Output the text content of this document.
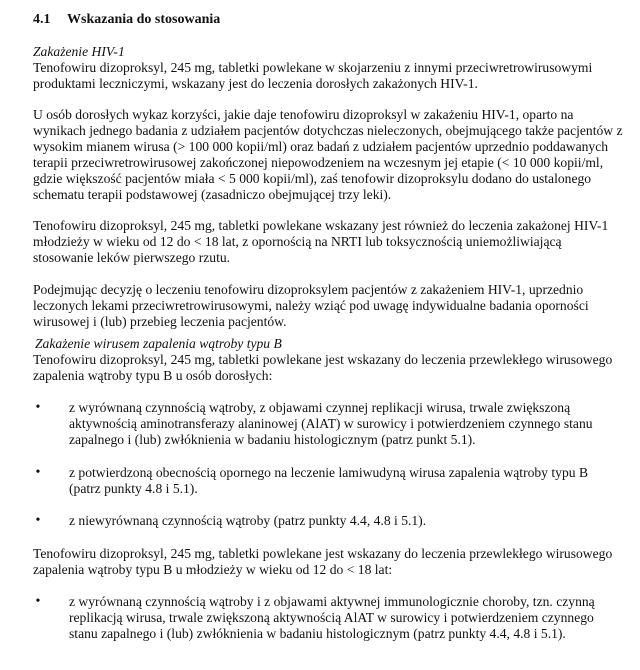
4.1 Wskazania do stosowania
Zakażenie HIV-1
Tenofowiru dizoproksyl, 245 mg, tabletki powlekane w skojarzeniu z innymi przeciwretrowirusowymi produktami leczniczymi, wskazany jest do leczenia dorosłych zakażonych HIV-1.
U osób dorosłych wykaz korzyści, jakie daje tenofowiru dizoproksyl w zakażeniu HIV-1, oparto na wynikach jednego badania z udziałem pacjentów dotychczas nieleczonych, obejmującego także pacjentów z wysokim mianem wirusa (> 100 000 kopii/ml) oraz badań z udziałem pacjentów uprzednio poddawanych terapii przeciwretrowirusowej zakończonej niepowodzeniem na wczesnym jej etapie (< 10 000 kopii/ml, gdzie większość pacjentów miała < 5 000 kopii/ml), zaś tenofowir dizoproksylu dodano do ustalonego schematu terapii podstawowej (zasadniczo obejmującej trzy leki).
Tenofowiru dizoproksyl, 245 mg, tabletki powlekane wskazany jest również do leczenia zakażonej HIV-1 młodzieży w wieku od 12 do < 18 lat, z opornością na NRTI lub toksycznością uniemożliwiającą stosowanie leków pierwszego rzutu.
Podejmując decyzję o leczeniu tenofowiru dizoproksylem pacjentów z zakażeniem HIV-1, uprzednio leczonych lekami przeciwretrowirusowymi, należy wziąć pod uwagę indywidualne badania oporności wirusowej i (lub) przebieg leczenia pacjentów.
Zakażenie wirusem zapalenia wątroby typu B
Tenofowiru dizoproksyl, 245 mg, tabletki powlekane jest wskazany do leczenia przewlekłego wirusowego zapalenia wątroby typu B u osób dorosłych:
• z wyrównaną czynnością wątroby, z objawami czynnej replikacji wirusa, trwale zwiększoną aktywnością aminotransferazy alaninowej (AlAT) w surowicy i potwierdzeniem czynnego stanu zapalnego i (lub) zwłóknienia w badaniu histologicznym (patrz punkt 5.1).
• z potwierdzoną obecnością opornego na leczenie lamiwudyną wirusa zapalenia wątroby typu B (patrz punkty 4.8 i 5.1).
• z niewyrównaną czynnością wątroby (patrz punkty 4.4, 4.8 i 5.1).
Tenofowiru dizoproksyl, 245 mg, tabletki powlekane jest wskazany do leczenia przewlekłego wirusowego zapalenia wątroby typu B u młodzieży w wieku od 12 do < 18 lat:
• z wyrównaną czynnością wątroby i z objawami aktywnej immunologicznie choroby, tzn. czynną replikacją wirusa, trwale zwiększoną aktywnością AlAT w surowicy i potwierdzeniem czynnego stanu zapalnego i (lub) zwłóknienia w badaniu histologicznym (patrz punkty 4.4, 4.8 i 5.1).
